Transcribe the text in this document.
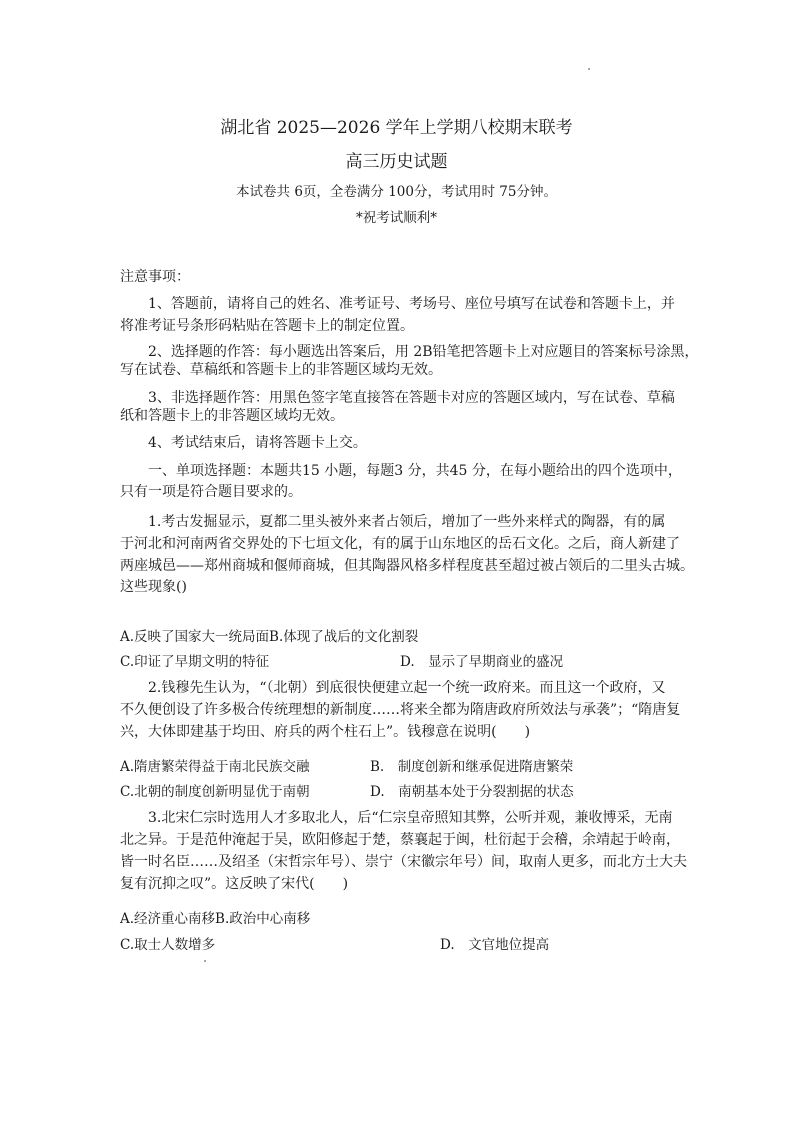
湖北省 2025—2026 学年上学期八校期末联考
高三历史试题
本试卷共 6页，全卷满分 100分，考试用时 75分钟。
*祝考试顺利*
注意事项：
1、答题前，请将自己的姓名、准考证号、考场号、座位号填写在试卷和答题卡上，并
将准考证号条形码粘贴在答题卡上的制定位置。
2、选择题的作答：每小题选出答案后，用 2B铅笔把答题卡上对应题目的答案标号涂黑，
写在试卷、草稿纸和答题卡上的非答题区域均无效。
3、非选择题作答：用黑色签字笔直接答在答题卡对应的答题区域内，写在试卷、草稿
纸和答题卡上的非答题区域均无效。
4、考试结束后，请将答题卡上交。
一、单项选择题：本题共15 小题，每题3 分，共45 分，在每小题给出的四个选项中，
只有一项是符合题目要求的。
1.考古发掘显示，夏都二里头被外来者占领后，增加了一些外来样式的陶器，有的属
于河北和河南两省交界处的下七垣文化，有的属于山东地区的岳石文化。之后，商人新建了
两座城邑——郑州商城和偃师商城，但其陶器风格多样程度甚至超过被占领后的二里头古城。
这些现象()
A.反映了国家大一统局面B.体现了战后的文化割裂
C.印证了早期文明的特征	D.　显示了早期商业的盛况
2.钱穆先生认为，“（北朝）到底很快便建立起一个统一政府来。而且这一个政府，又
不久便创设了许多极合传统理想的新制度……将来全都为隋唐政府所效法与承袭”；“隋唐复
兴，大体即建基于均田、府兵的两个柱石上”。钱穆意在说明(　　)
A.隋唐繁荣得益于南北民族交融	B.　制度创新和继承促进隋唐繁荣
C.北朝的制度创新明显优于南朝	D.　南朝基本处于分裂割据的状态
3.北宋仁宗时选用人才多取北人，后“仁宗皇帝照知其弊，公听并观，兼收博采，无南
北之异。于是范仲淹起于吴，欧阳修起于楚，蔡襄起于闽，杜衍起于会稽，余靖起于岭南，
皆一时名臣……及绍圣（宋哲宗年号）、崇宁（宋徽宗年号）间，取南人更多，而北方士大夫
复有沉抑之叹”。这反映了宋代(　　)
A.经济重心南移B.政治中心南移
C.取士人数增多	D.　文官地位提高
